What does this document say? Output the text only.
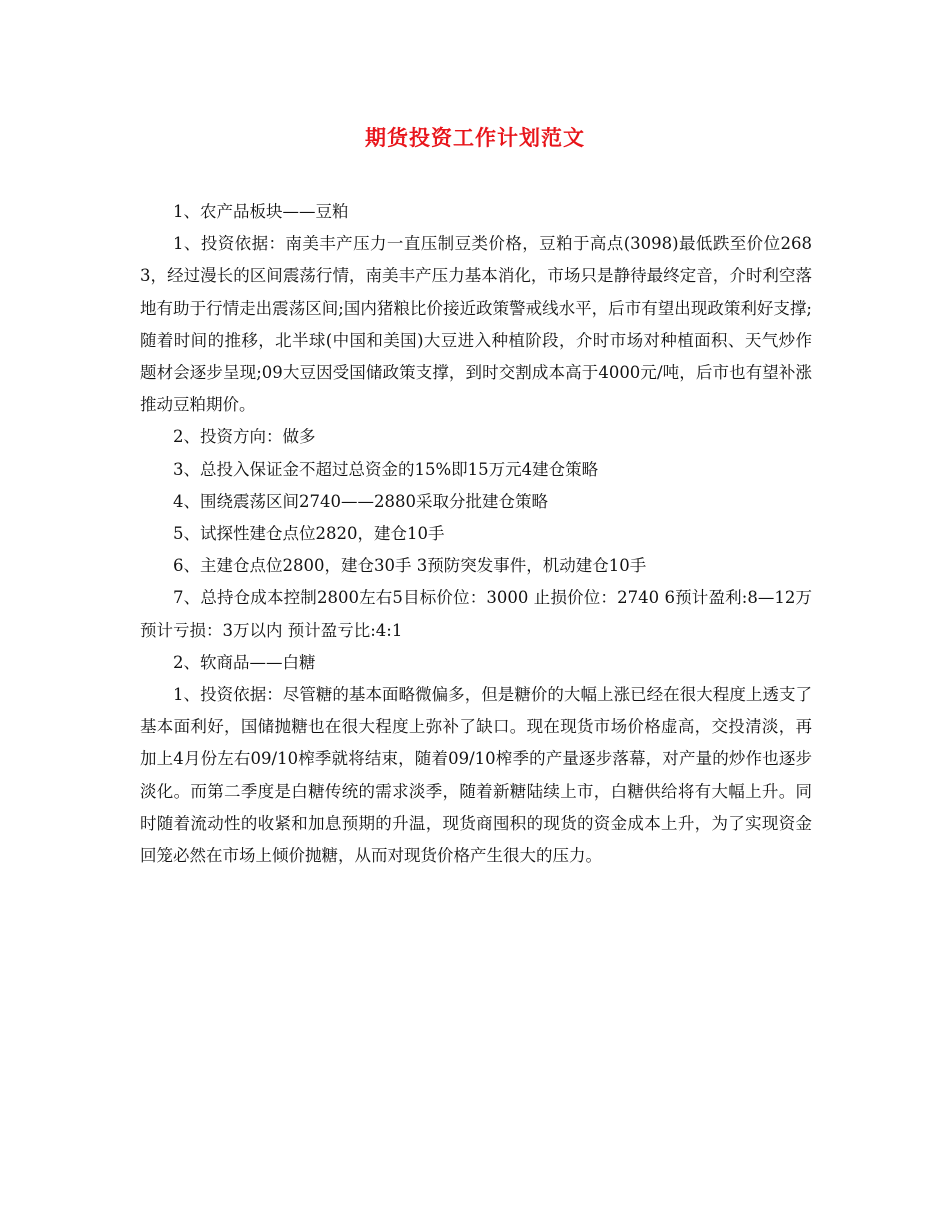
期货投资工作计划范文

1、农产品板块——豆粕

1、投资依据：南美丰产压力一直压制豆类价格，豆粕于高点(3098)最低跌至价位2683，经过漫长的区间震荡行情，南美丰产压力基本消化，市场只是静待最终定音，介时利空落地有助于行情走出震荡区间;国内猪粮比价接近政策警戒线水平，后市有望出现政策利好支撑;随着时间的推移，北半球(中国和美国)大豆进入种植阶段，介时市场对种植面积、天气炒作题材会逐步呈现;09大豆因受国储政策支撑，到时交割成本高于4000元/吨，后市也有望补涨推动豆粕期价。

2、投资方向：做多

3、总投入保证金不超过总资金的15%即15万元4建仓策略

4、围绕震荡区间2740——2880采取分批建仓策略

5、试探性建仓点位2820，建仓10手

6、主建仓点位2800，建仓30手 3预防突发事件，机动建仓10手

7、总持仓成本控制2800左右5目标价位：3000 止损价位：2740 6预计盈利:8—12万 预计亏损：3万以内 预计盈亏比:4:1

2、软商品——白糖

1、投资依据：尽管糖的基本面略微偏多，但是糖价的大幅上涨已经在很大程度上透支了基本面利好，国储抛糖也在很大程度上弥补了缺口。现在现货市场价格虚高，交投清淡，再加上4月份左右09/10榨季就将结束，随着09/10榨季的产量逐步落幕，对产量的炒作也逐步淡化。而第二季度是白糖传统的需求淡季，随着新糖陆续上市，白糖供给将有大幅上升。同时随着流动性的收紧和加息预期的升温，现货商囤积的现货的资金成本上升，为了实现资金回笼必然在市场上倾价抛糖，从而对现货价格产生很大的压力。
